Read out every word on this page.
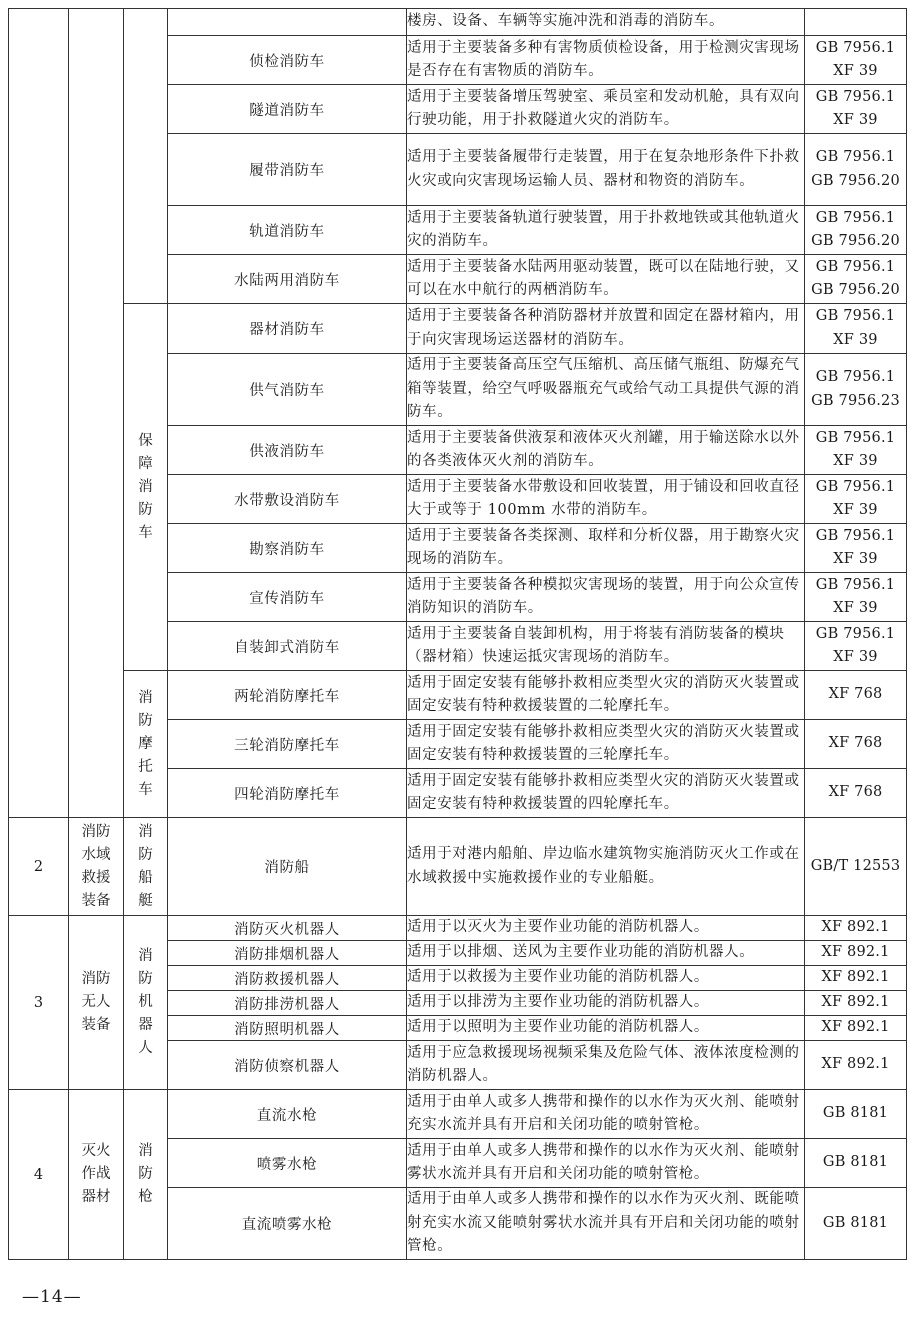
				楼房、设备、车辆等实施冲洗和消毒的消防车。	
			侦检消防车	适用于主要装备多种有害物质侦检设备，用于检测灾害现场是否存在有害物质的消防车。	GB 7956.1
XF 39
			隧道消防车	适用于主要装备增压驾驶室、乘员室和发动机舱，具有双向行驶功能，用于扑救隧道火灾的消防车。	GB 7956.1
XF 39
			履带消防车	适用于主要装备履带行走装置，用于在复杂地形条件下扑救火灾或向灾害现场运输人员、器材和物资的消防车。	GB 7956.1
GB 7956.20
			轨道消防车	适用于主要装备轨道行驶装置，用于扑救地铁或其他轨道火灾的消防车。	GB 7956.1
GB 7956.20
			水陆两用消防车	适用于主要装备水陆两用驱动装置，既可以在陆地行驶，又可以在水中航行的两栖消防车。	GB 7956.1
GB 7956.20

		保
障
消
防
车	器材消防车	适用于主要装备各种消防器材并放置和固定在器材箱内，用于向灾害现场运送器材的消防车。	GB 7956.1
XF 39
			供气消防车	适用于主要装备高压空气压缩机、高压储气瓶组、防爆充气箱等装置，给空气呼吸器瓶充气或给气动工具提供气源的消防车。	GB 7956.1
GB 7956.23
			供液消防车	适用于主要装备供液泵和液体灭火剂罐，用于输送除水以外的各类液体灭火剂的消防车。	GB 7956.1
XF 39
			水带敷设消防车	适用于主要装备水带敷设和回收装置，用于铺设和回收直径大于或等于 100mm 水带的消防车。	GB 7956.1
XF 39
			勘察消防车	适用于主要装备各类探测、取样和分析仪器，用于勘察火灾现场的消防车。	GB 7956.1
XF 39
			宣传消防车	适用于主要装备各种模拟灾害现场的装置，用于向公众宣传消防知识的消防车。	GB 7956.1
XF 39
			自装卸式消防车	适用于主要装备自装卸机构，用于将装有消防装备的模块（器材箱）快速运抵灾害现场的消防车。	GB 7956.1
XF 39

		消
防
摩
托
车	两轮消防摩托车	适用于固定安装有能够扑救相应类型火灾的消防灭火装置或固定安装有特种救援装置的二轮摩托车。	XF 768
			三轮消防摩托车	适用于固定安装有能够扑救相应类型火灾的消防灭火装置或固定安装有特种救援装置的三轮摩托车。	XF 768
			四轮消防摩托车	适用于固定安装有能够扑救相应类型火灾的消防灭火装置或固定安装有特种救援装置的四轮摩托车。	XF 768
2	消防
水域
救援
装备	消
防
船
艇	消防船	适用于对港内船舶、岸边临水建筑物实施消防灭火工作或在水域救援中实施救援作业的专业船艇。	GB/T 12553
3	消防
无人
装备	消
防
机
器
人	消防灭火机器人	适用于以灭火为主要作业功能的消防机器人。	XF 892.1
			消防排烟机器人	适用于以排烟、送风为主要作业功能的消防机器人。	XF 892.1
			消防救援机器人	适用于以救援为主要作业功能的消防机器人。	XF 892.1
			消防排涝机器人	适用于以排涝为主要作业功能的消防机器人。	XF 892.1
			消防照明机器人	适用于以照明为主要作业功能的消防机器人。	XF 892.1
			消防侦察机器人	适用于应急救援现场视频采集及危险气体、液体浓度检测的消防机器人。	XF 892.1
4	灭火
作战
器材	消
防
枪	直流水枪	适用于由单人或多人携带和操作的以水作为灭火剂、能喷射充实水流并具有开启和关闭功能的喷射管枪。	GB 8181
			喷雾水枪	适用于由单人或多人携带和操作的以水作为灭火剂、能喷射雾状水流并具有开启和关闭功能的喷射管枪。	GB 8181
			直流喷雾水枪	适用于由单人或多人携带和操作的以水作为灭火剂、既能喷射充实水流又能喷射雾状水流并具有开启和关闭功能的喷射管枪。	GB 8181
—14—
